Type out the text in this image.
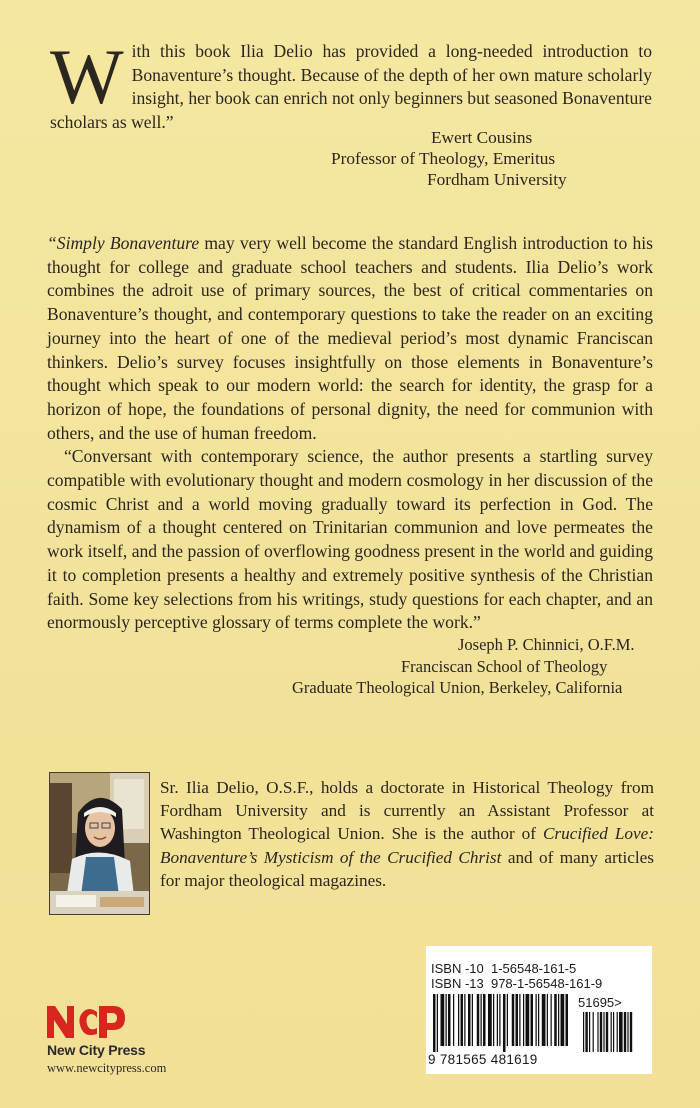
W ith this book Ilia Delio has provided a long-needed introduction to Bonaventure’s thought. Because of the depth of her own mature scholarly insight, her book can enrich not only beginners but seasoned Bonaventure scholars as well.”
Ewert Cousins
Professor of Theology, Emeritus
Fordham University

“Simply Bonaventure may very well become the standard English introduction to his thought for college and graduate school teachers and students. Ilia Delio’s work combines the adroit use of primary sources, the best of critical commentaries on Bonaventure’s thought, and contemporary questions to take the reader on an exciting journey into the heart of one of the medieval period’s most dynamic Franciscan thinkers. Delio’s survey focuses insightfully on those elements in Bonaventure’s thought which speak to our modern world: the search for identity, the grasp for a horizon of hope, the foundations of personal dignity, the need for communion with others, and the use of human freedom.

“Conversant with contemporary science, the author presents a startling survey compatible with evolutionary thought and modern cosmology in her discussion of the cosmic Christ and a world moving gradually toward its perfection in God. The dynamism of a thought centered on Trinitarian communion and love permeates the work itself, and the passion of overflowing goodness present in the world and guiding it to completion presents a healthy and extremely positive synthesis of the Christian faith. Some key selections from his writings, study questions for each chapter, and an enormously perceptive glossary of terms complete the work.”

Joseph P. Chinnici, O.F.M.
Franciscan School of Theology
Graduate Theological Union, Berkeley, California
Sr. Ilia Delio, O.S.F., holds a doctorate in Historical Theology from Fordham University and is currently an Assistant Professor at Washington Theological Union. She is the author of Crucified Love: Bonaventure’s Mysticism of the Crucified Christ and of many articles for major theological magazines.
ISBN -10  1-56548-161-5
ISBN -13  978-1-56548-161-9
51695>
9 781565 481619
New City Press
www.newcitypress.com
